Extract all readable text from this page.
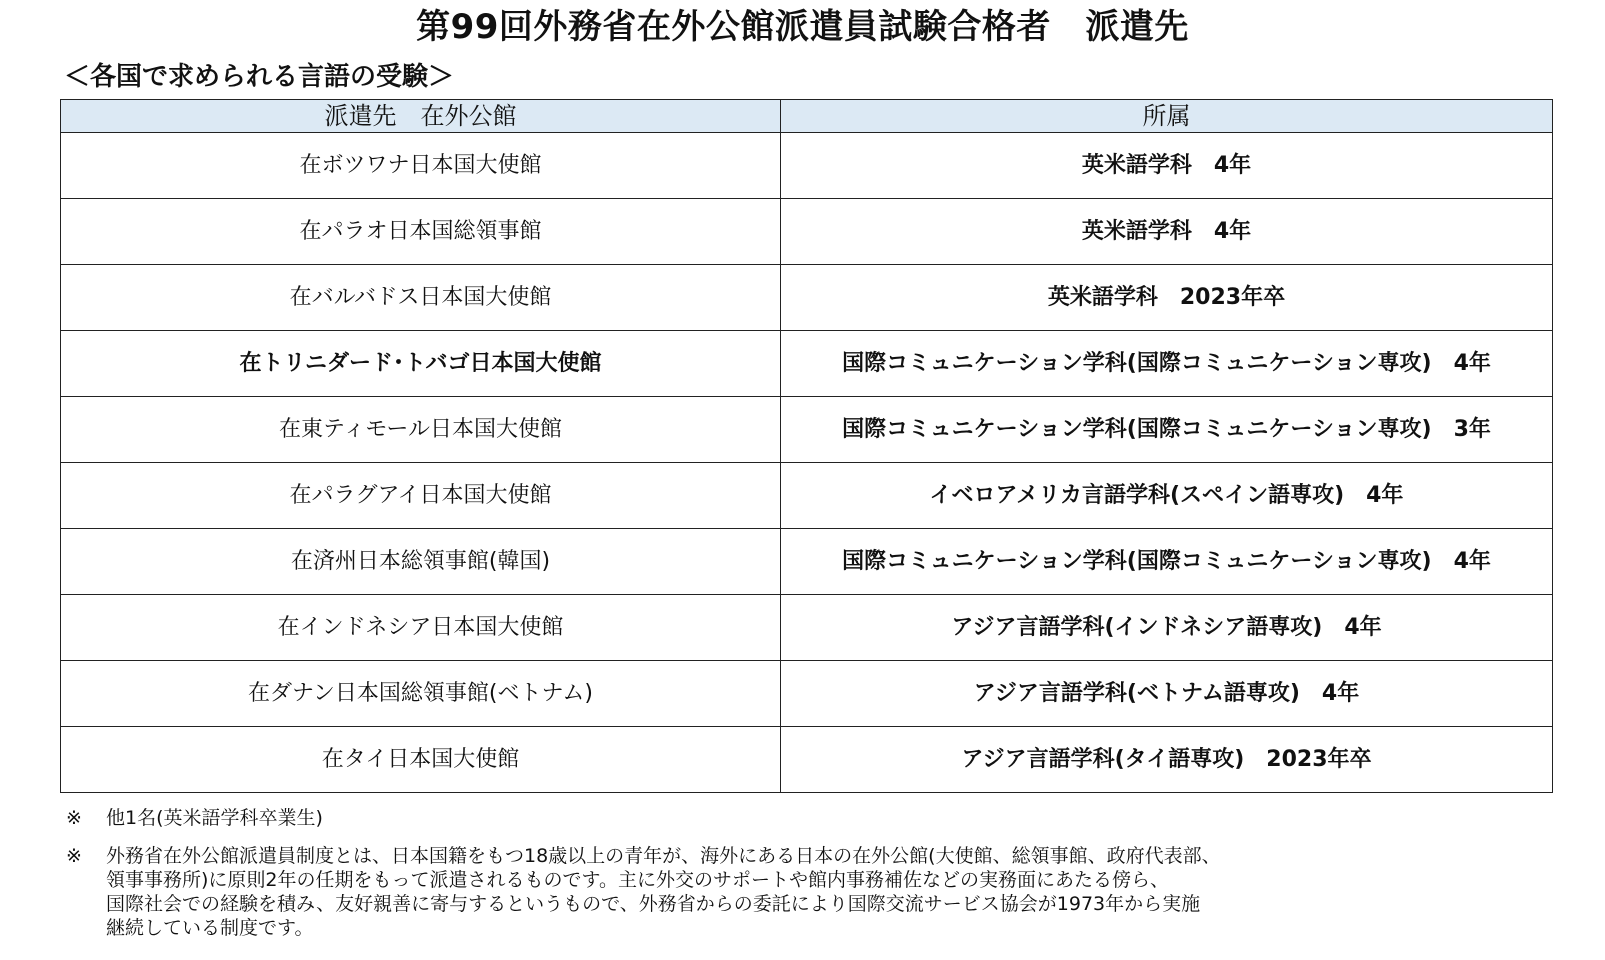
第99回外務省在外公館派遣員試験合格者　派遣先
＜各国で求められる言語の受験＞
派遣先　在外公館	所属
在ボツワナ日本国大使館	英米語学科　4年
在パラオ日本国総領事館	英米語学科　4年
在バルバドス日本国大使館	英米語学科　2023年卒
在トリニダード･トバゴ日本国大使館	国際コミュニケーション学科(国際コミュニケーション専攻)　4年
在東ティモール日本国大使館	国際コミュニケーション学科(国際コミュニケーション専攻)　3年
在パラグアイ日本国大使館	イベロアメリカ言語学科(スペイン語専攻)　4年
在済州日本総領事館(韓国)	国際コミュニケーション学科(国際コミュニケーション専攻)　4年
在インドネシア日本国大使館	アジア言語学科(インドネシア語専攻)　4年
在ダナン日本国総領事館(ベトナム)	アジア言語学科(ベトナム語専攻)　4年
在タイ日本国大使館	アジア言語学科(タイ語専攻)　2023年卒
※	他1名(英米語学科卒業生)
※	外務省在外公館派遣員制度とは、日本国籍をもつ18歳以上の青年が、海外にある日本の在外公館(大使館、総領事館、政府代表部、
領事事務所)に原則2年の任期をもって派遣されるものです。主に外交のサポートや館内事務補佐などの実務面にあたる傍ら、
国際社会での経験を積み、友好親善に寄与するというもので、外務省からの委託により国際交流サービス協会が1973年から実施
継続している制度です。
